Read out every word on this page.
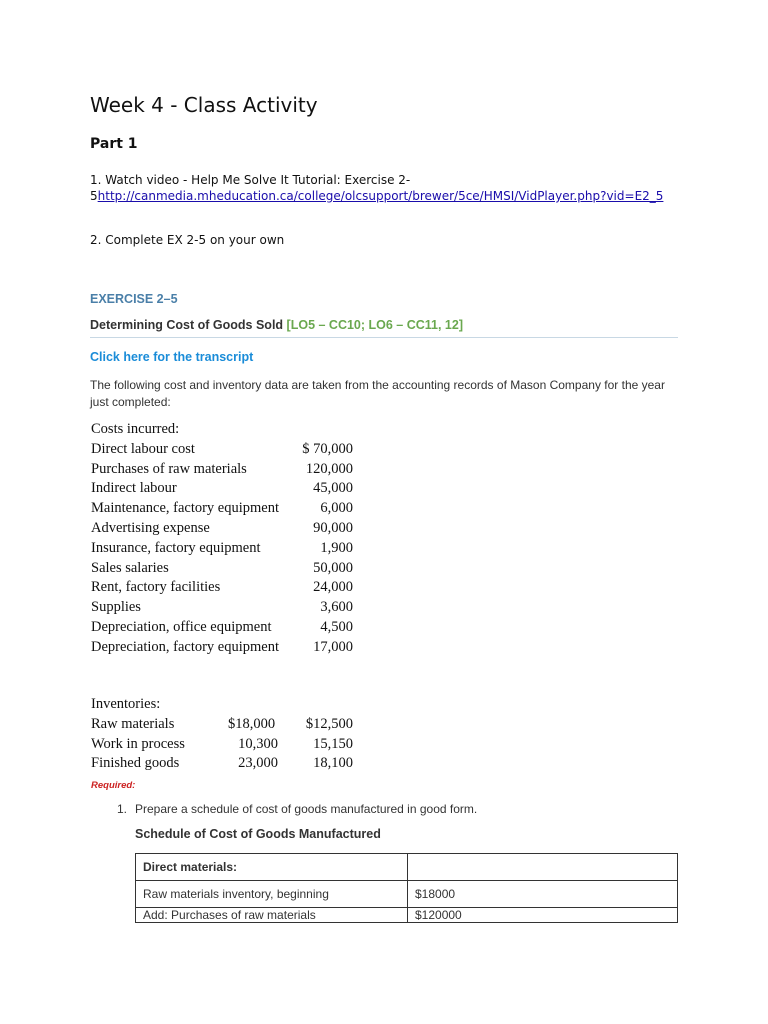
Week 4 - Class Activity
Part 1
1. Watch video - Help Me Solve It Tutorial: Exercise 2-5http://canmedia.mheducation.ca/college/olcsupport/brewer/5ce/HMSI/VidPlayer.php?vid=E2_5
2. Complete EX 2-5 on your own
EXERCISE 2–5
Determining Cost of Goods Sold [LO5 – CC10; LO6 – CC11, 12]
Click here for the transcript
The following cost and inventory data are taken from the accounting records of Mason Company for the year just completed:
Costs incurred:
Direct labour cost	$ 70,000
Purchases of raw materials	120,000
Indirect labour	45,000
Maintenance, factory equipment	6,000
Advertising expense	90,000
Insurance, factory equipment	1,900
Sales salaries	50,000
Rent, factory facilities	24,000
Supplies	3,600
Depreciation, office equipment	4,500
Depreciation, factory equipment 17,000
Inventories:
Raw materials	$18,000	$12,500
Work in process	10,300	15,150
Finished goods	23,000	18,100
Required:
1. Prepare a schedule of cost of goods manufactured in good form.
Schedule of Cost of Goods Manufactured
Direct materials:	
Raw materials inventory, beginning	$18000
Add: Purchases of raw materials	$120000
